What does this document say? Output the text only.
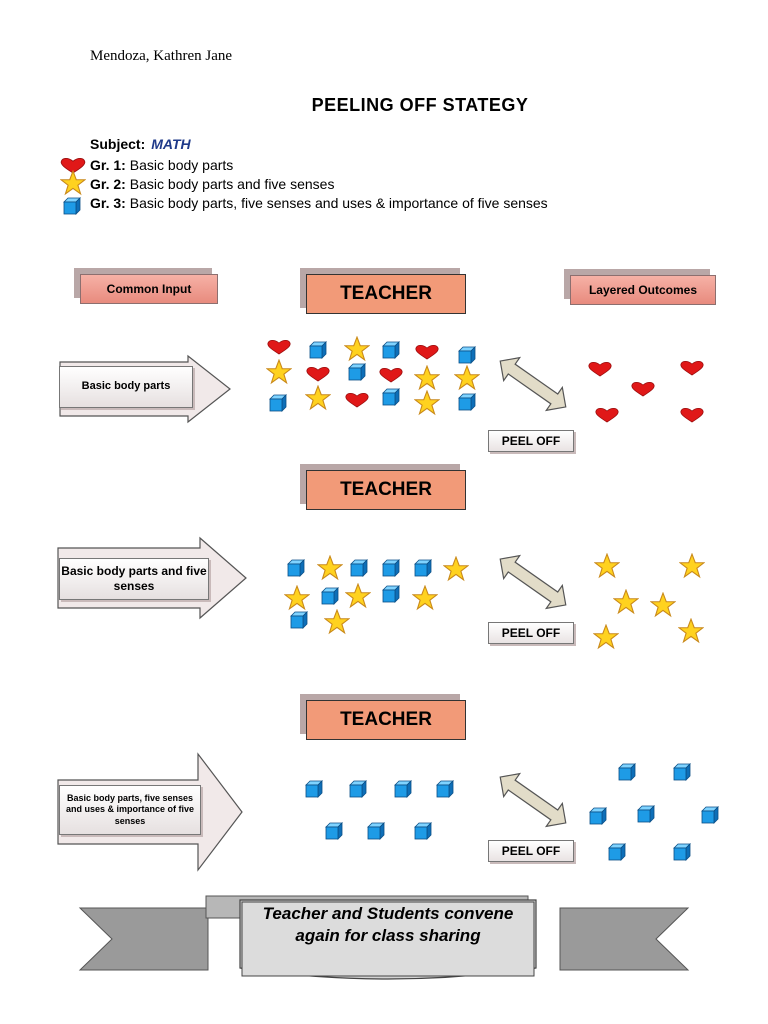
Mendoza, Kathren Jane
PEELING OFF STATEGY
Subject: MATH
Gr. 1: Basic body parts
Gr. 2: Basic body parts and five senses
Gr. 3: Basic body parts, five senses and uses & importance of five senses
Common Input	Layered Outcomes
TEACHER
TEACHER
TEACHER
Basic body parts
Basic body parts and five senses
Basic body parts, five senses and uses & importance of five senses
PEEL OFF
PEEL OFF
PEEL OFF
Teacher and Students convene again for class sharing
